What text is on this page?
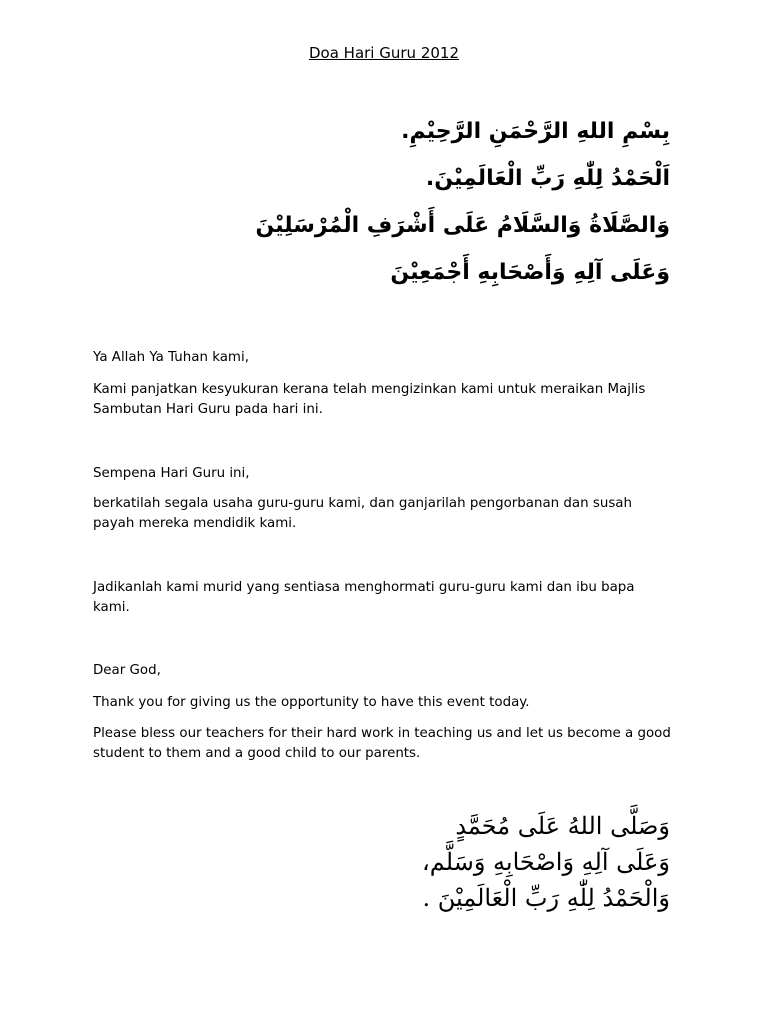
Doa Hari Guru 2012
بِسْمِ اللهِ الرَّحْمَنِ الرَّحِيْمِ.
اَلْحَمْدُ لِلّٰهِ رَبِّ الْعَالَمِيْنَ.
وَالصَّلَاةُ وَالسَّلَامُ عَلَى أَشْرَفِ الْمُرْسَلِيْنَ
وَعَلَى آلِهِ وَأَصْحَابِهِ أَجْمَعِيْنَ

Ya Allah Ya Tuhan kami,

Kami panjatkan kesyukuran kerana telah mengizinkan kami untuk meraikan Majlis Sambutan Hari Guru pada hari ini.

Sempena Hari Guru ini,

berkatilah segala usaha guru-guru kami, dan ganjarilah pengorbanan dan susah payah mereka mendidik kami.

Jadikanlah kami murid yang sentiasa menghormati guru-guru kami dan ibu bapa kami.

Dear God,

Thank you for giving us the opportunity to have this event today.

Please bless our teachers for their hard work in teaching us and let us become a good student to them and a good child to our parents.

وَصَلَّى اللهُ عَلَى مُحَمَّدٍ
وَعَلَى آلِهِ وَاصْحَابِهِ وَسَلَّم،
وَالْحَمْدُ لِلّٰهِ رَبِّ الْعَالَمِيْنَ .
